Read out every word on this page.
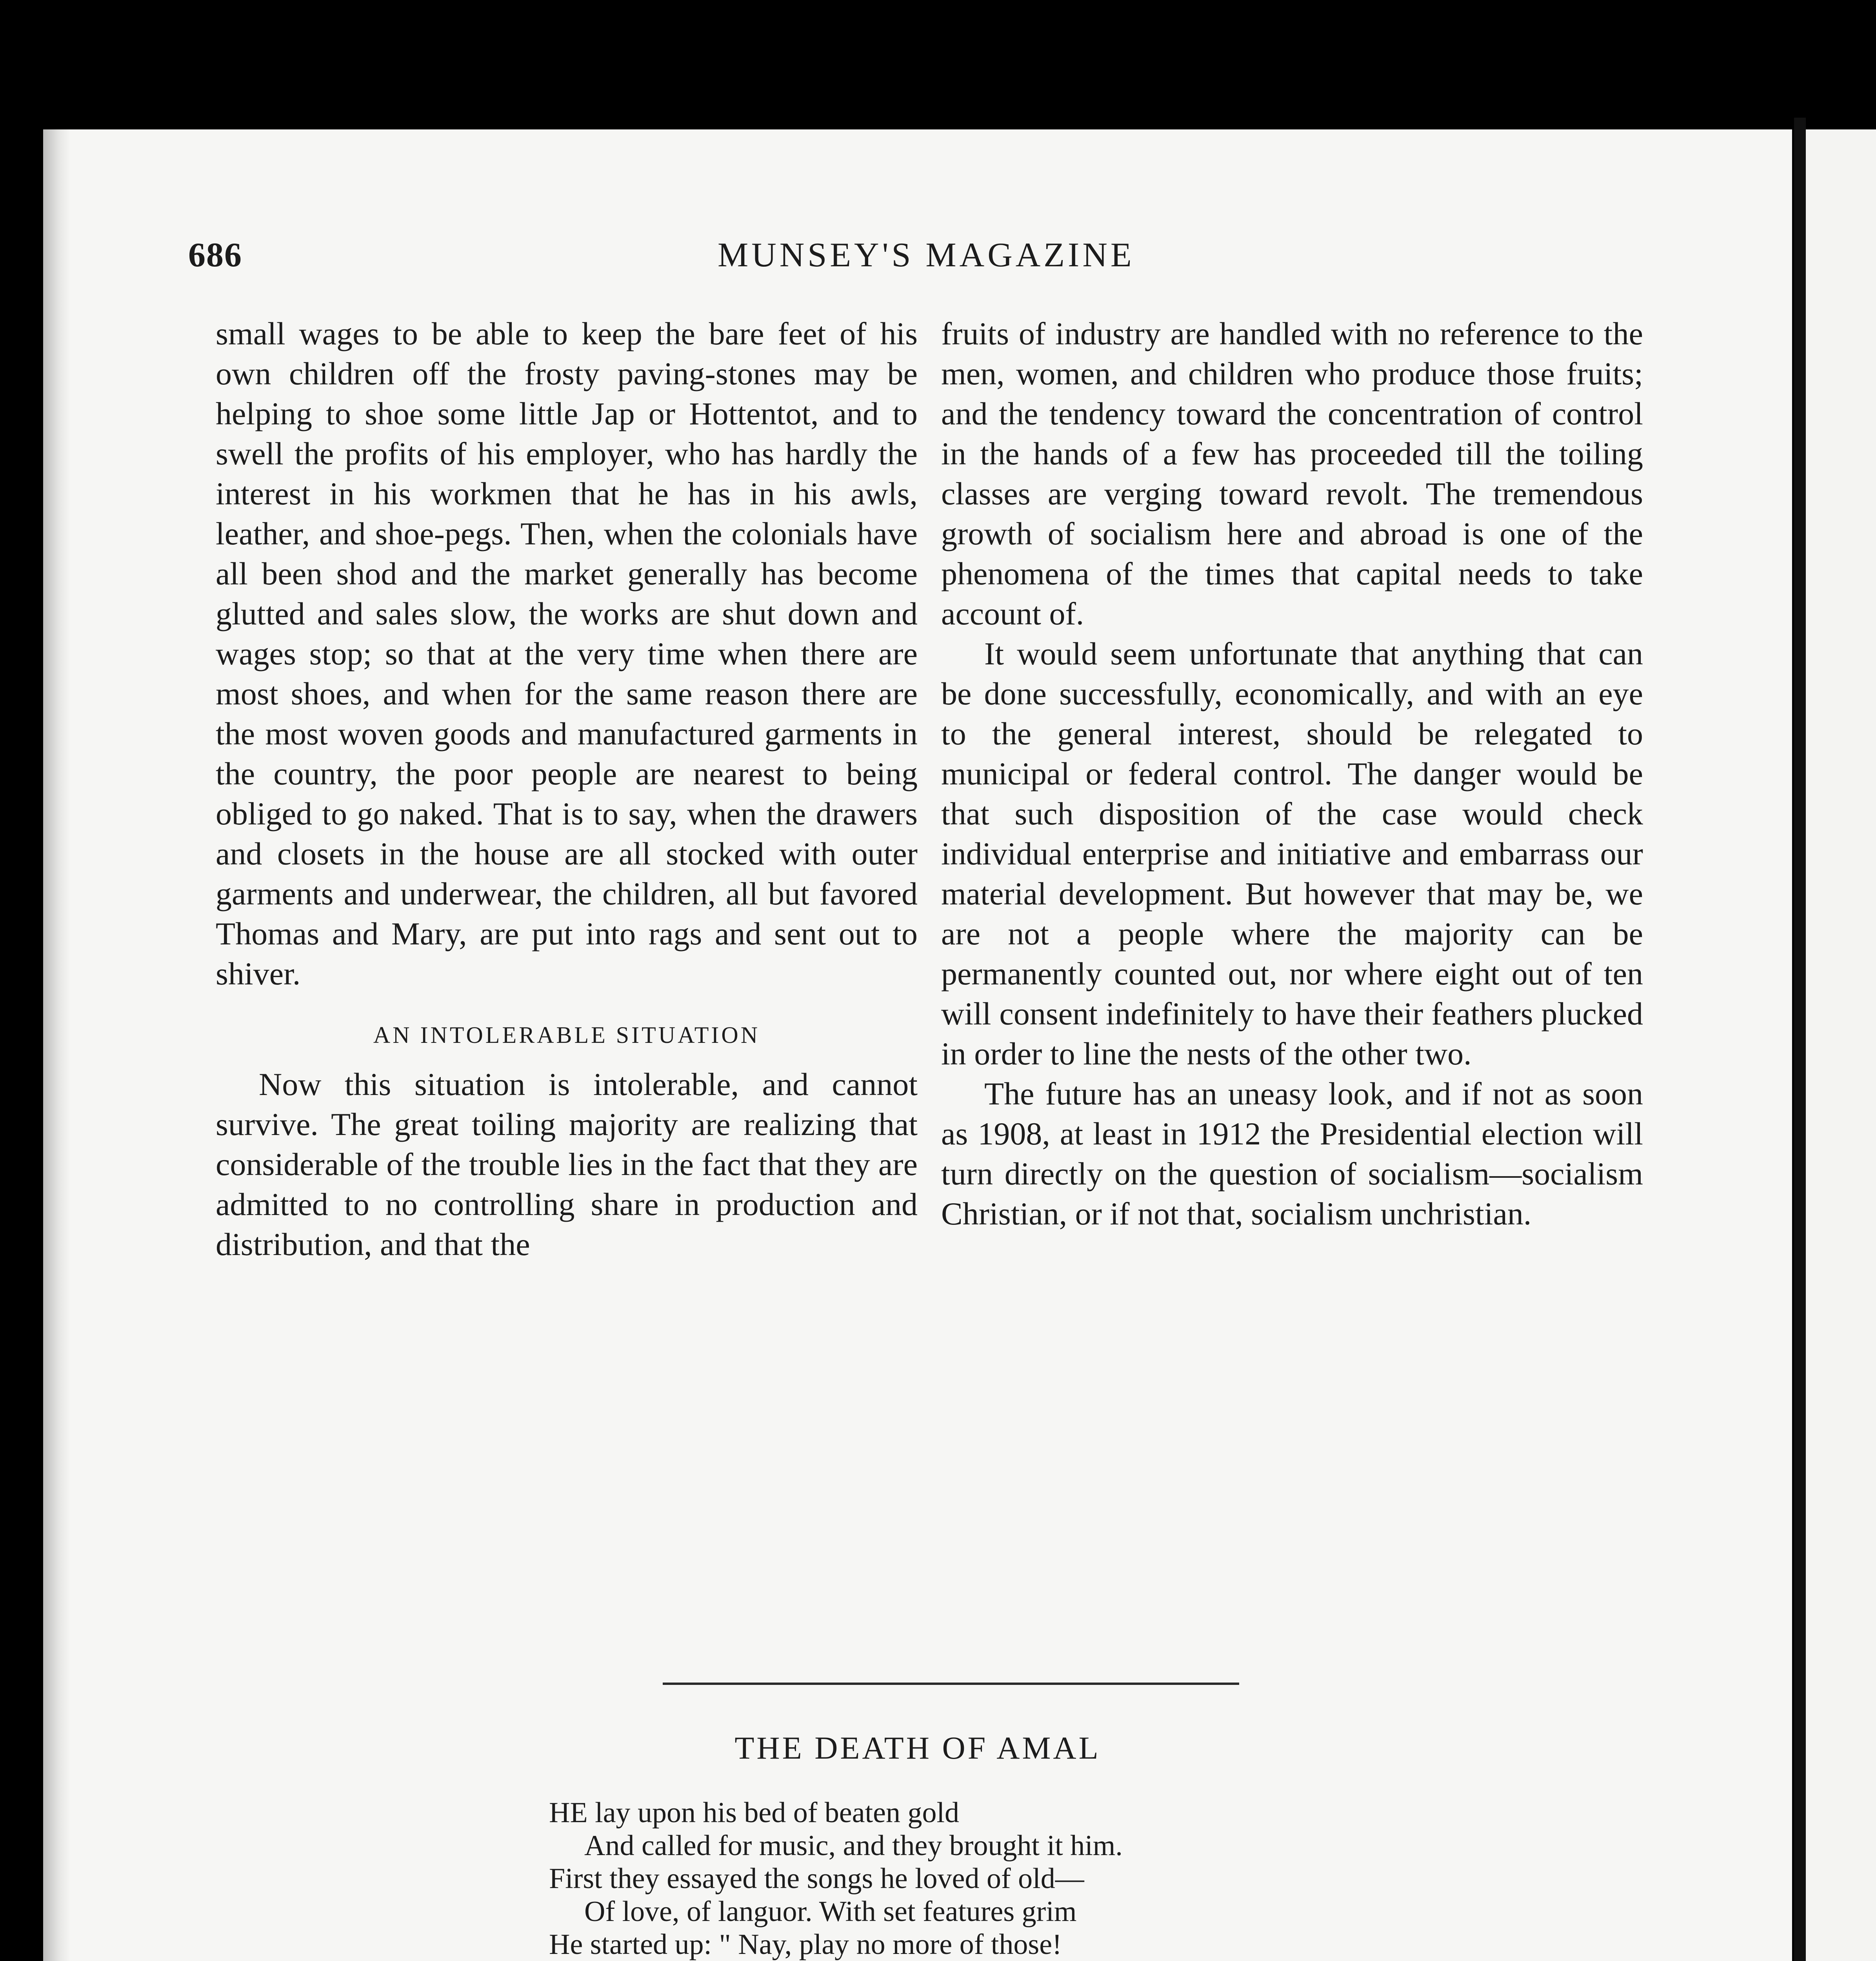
686	MUNSEY'S MAGAZINE

small wages to be able to keep the bare feet of his own children off the frosty paving-stones may be helping to shoe some little Jap or Hottentot, and to swell the profits of his employer, who has hardly the interest in his workmen that he has in his awls, leather, and shoe-pegs. Then, when the colonials have all been shod and the market generally has become glutted and sales slow, the works are shut down and wages stop; so that at the very time when there are most shoes, and when for the same reason there are the most woven goods and manufactured garments in the country, the poor people are nearest to being obliged to go naked. That is to say, when the drawers and closets in the house are all stocked with outer garments and underwear, the children, all but favored Thomas and Mary, are put into rags and sent out to shiver.

AN INTOLERABLE SITUATION

Now this situation is intolerable, and cannot survive. The great toiling majority are realizing that considerable of the trouble lies in the fact that they are admitted to no controlling share in production and distribution, and that the

fruits of industry are handled with no reference to the men, women, and children who produce those fruits; and the tendency toward the concentration of control in the hands of a few has proceeded till the toiling classes are verging toward revolt. The tremendous growth of socialism here and abroad is one of the phenomena of the times that capital needs to take account of.

It would seem unfortunate that anything that can be done successfully, economically, and with an eye to the general interest, should be relegated to municipal or federal control. The danger would be that such disposition of the case would check individual enterprise and initiative and embarrass our material development. But however that may be, we are not a people where the majority can be permanently counted out, nor where eight out of ten will consent indefinitely to have their feathers plucked in order to line the nests of the other two.

The future has an uneasy look, and if not as soon as 1908, at least in 1912 the Presidential election will turn directly on the question of socialism—socialism Christian, or if not that, socialism unchristian.

THE DEATH OF AMAL
HE lay upon his bed of beaten gold
And called for music, and they brought it him.
First they essayed the songs he loved of old—
Of love, of languor. With set features grim
He started up: " Nay, play no more of those!
